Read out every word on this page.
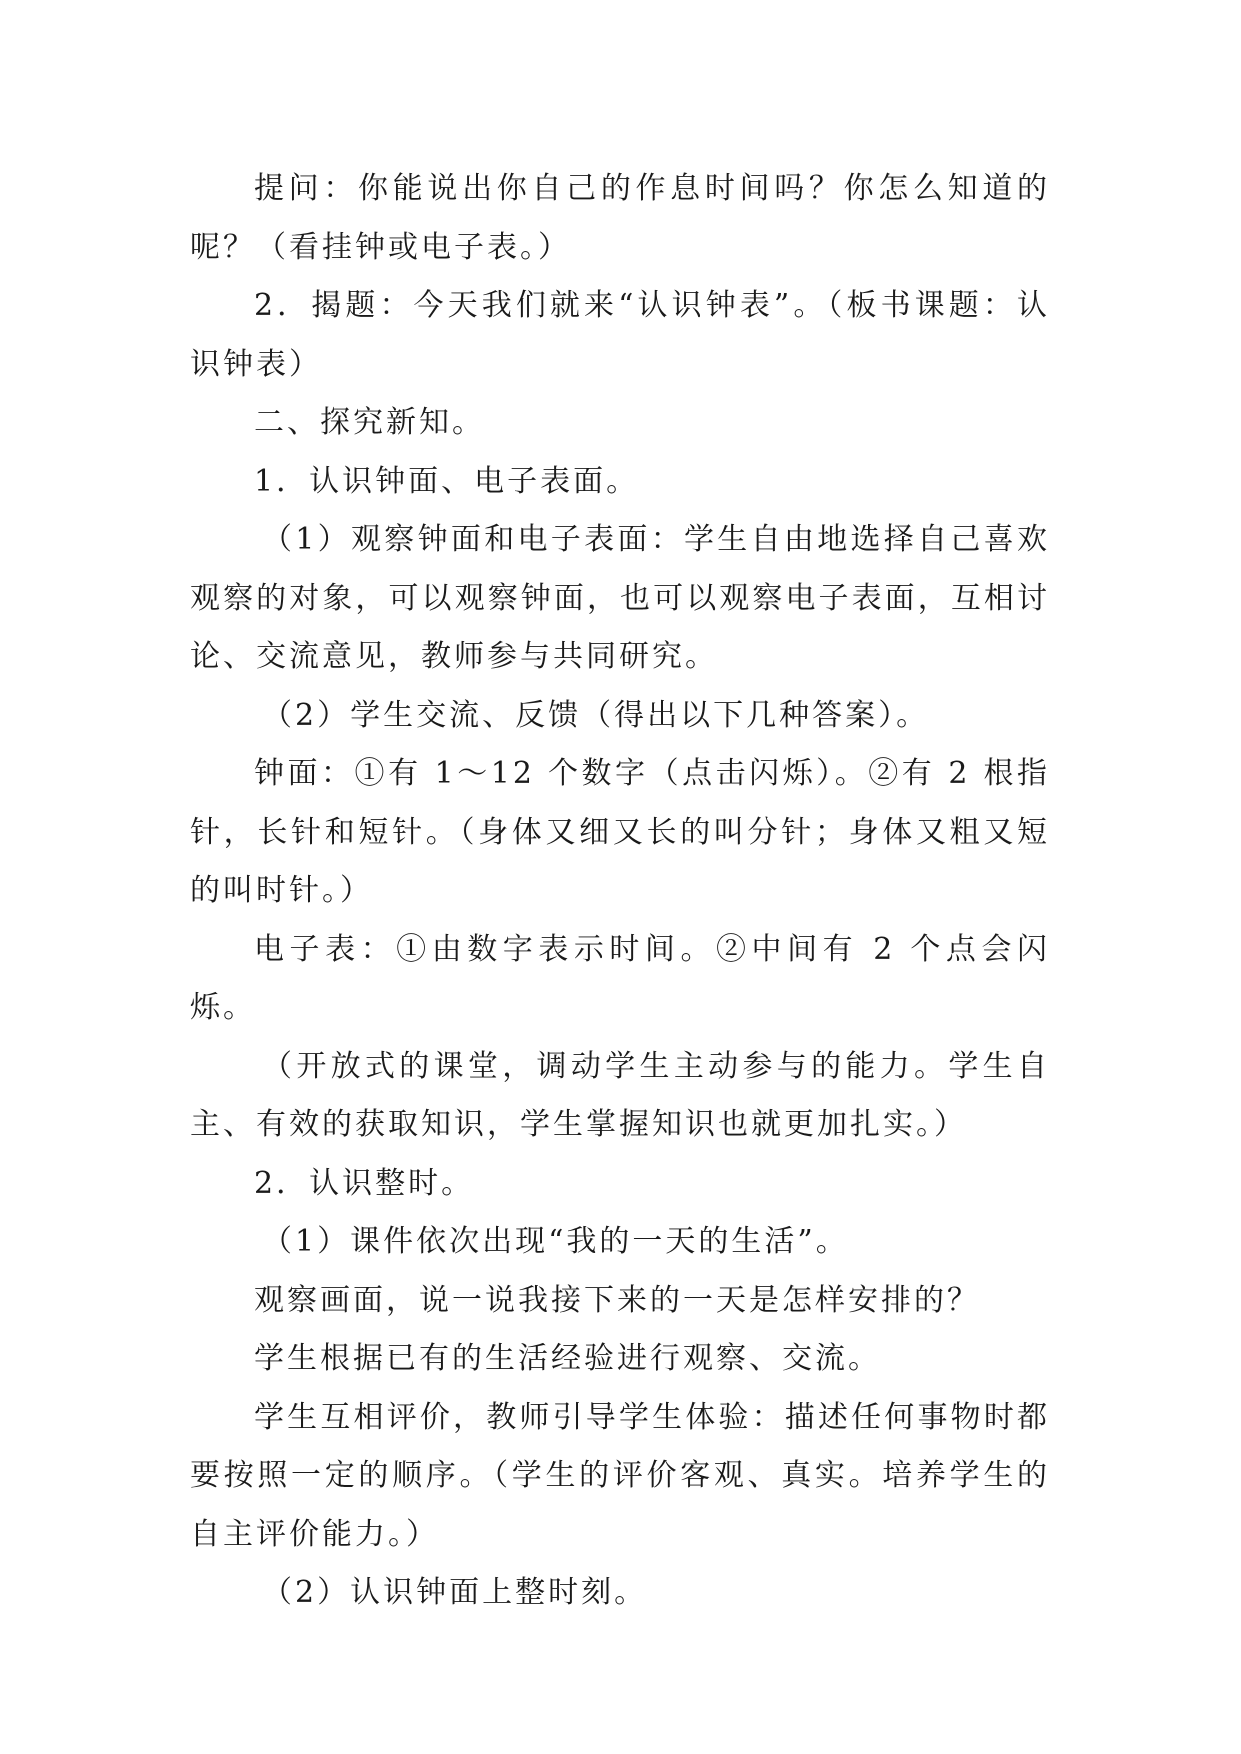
提问：你能说出你自己的作息时间吗？你怎么知道的呢？（看挂钟或电子表。）

2．揭题：今天我们就来“认识钟表”。（板书课题：认识钟表）

二、探究新知。

1．认识钟面、电子表面。

（1）观察钟面和电子表面：学生自由地选择自己喜欢观察的对象，可以观察钟面，也可以观察电子表面，互相讨论、交流意见，教师参与共同研究。

（2）学生交流、反馈（得出以下几种答案）。

钟面：①有 1～12 个数字（点击闪烁）。②有 2 根指针，长针和短针。（身体又细又长的叫分针；身体又粗又短的叫时针。）

电子表：①由数字表示时间。②中间有 2 个点会闪烁。

（开放式的课堂，调动学生主动参与的能力。学生自主、有效的获取知识，学生掌握知识也就更加扎实。）

2．认识整时。

（1）课件依次出现“我的一天的生活”。

观察画面，说一说我接下来的一天是怎样安排的？

学生根据已有的生活经验进行观察、交流。

学生互相评价，教师引导学生体验：描述任何事物时都要按照一定的顺序。（学生的评价客观、真实。培养学生的自主评价能力。）

（2）认识钟面上整时刻。
